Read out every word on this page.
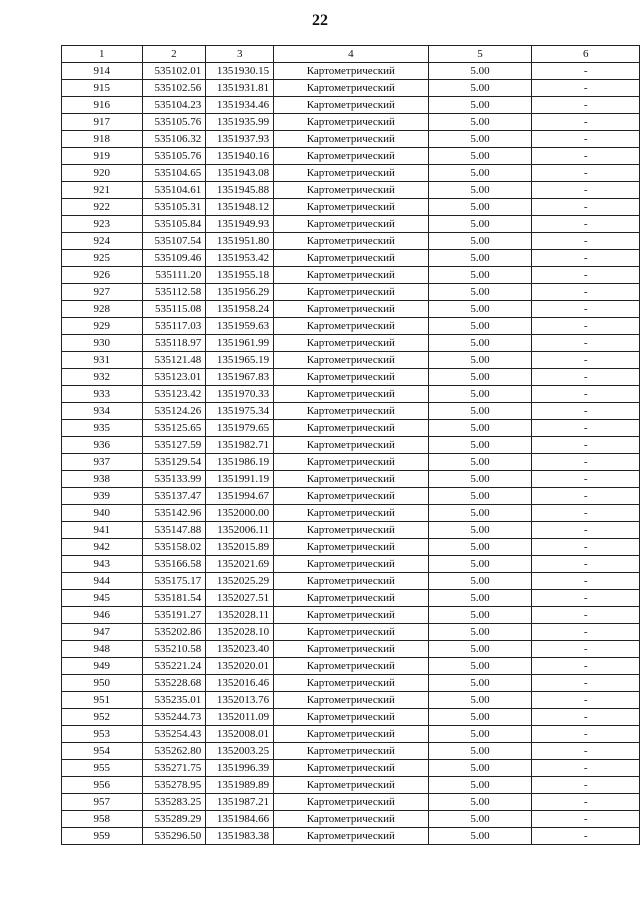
22
1	2	3	4	5	6
914	535102.01	1351930.15	Картометрический	5.00	-
915	535102.56	1351931.81	Картометрический	5.00	-
916	535104.23	1351934.46	Картометрический	5.00	-
917	535105.76	1351935.99	Картометрический	5.00	-
918	535106.32	1351937.93	Картометрический	5.00	-
919	535105.76	1351940.16	Картометрический	5.00	-
920	535104.65	1351943.08	Картометрический	5.00	-
921	535104.61	1351945.88	Картометрический	5.00	-
922	535105.31	1351948.12	Картометрический	5.00	-
923	535105.84	1351949.93	Картометрический	5.00	-
924	535107.54	1351951.80	Картометрический	5.00	-
925	535109.46	1351953.42	Картометрический	5.00	-
926	535111.20	1351955.18	Картометрический	5.00	-
927	535112.58	1351956.29	Картометрический	5.00	-
928	535115.08	1351958.24	Картометрический	5.00	-
929	535117.03	1351959.63	Картометрический	5.00	-
930	535118.97	1351961.99	Картометрический	5.00	-
931	535121.48	1351965.19	Картометрический	5.00	-
932	535123.01	1351967.83	Картометрический	5.00	-
933	535123.42	1351970.33	Картометрический	5.00	-
934	535124.26	1351975.34	Картометрический	5.00	-
935	535125.65	1351979.65	Картометрический	5.00	-
936	535127.59	1351982.71	Картометрический	5.00	-
937	535129.54	1351986.19	Картометрический	5.00	-
938	535133.99	1351991.19	Картометрический	5.00	-
939	535137.47	1351994.67	Картометрический	5.00	-
940	535142.96	1352000.00	Картометрический	5.00	-
941	535147.88	1352006.11	Картометрический	5.00	-
942	535158.02	1352015.89	Картометрический	5.00	-
943	535166.58	1352021.69	Картометрический	5.00	-
944	535175.17	1352025.29	Картометрический	5.00	-
945	535181.54	1352027.51	Картометрический	5.00	-
946	535191.27	1352028.11	Картометрический	5.00	-
947	535202.86	1352028.10	Картометрический	5.00	-
948	535210.58	1352023.40	Картометрический	5.00	-
949	535221.24	1352020.01	Картометрический	5.00	-
950	535228.68	1352016.46	Картометрический	5.00	-
951	535235.01	1352013.76	Картометрический	5.00	-
952	535244.73	1352011.09	Картометрический	5.00	-
953	535254.43	1352008.01	Картометрический	5.00	-
954	535262.80	1352003.25	Картометрический	5.00	-
955	535271.75	1351996.39	Картометрический	5.00	-
956	535278.95	1351989.89	Картометрический	5.00	-
957	535283.25	1351987.21	Картометрический	5.00	-
958	535289.29	1351984.66	Картометрический	5.00	-
959	535296.50	1351983.38	Картометрический	5.00	-
